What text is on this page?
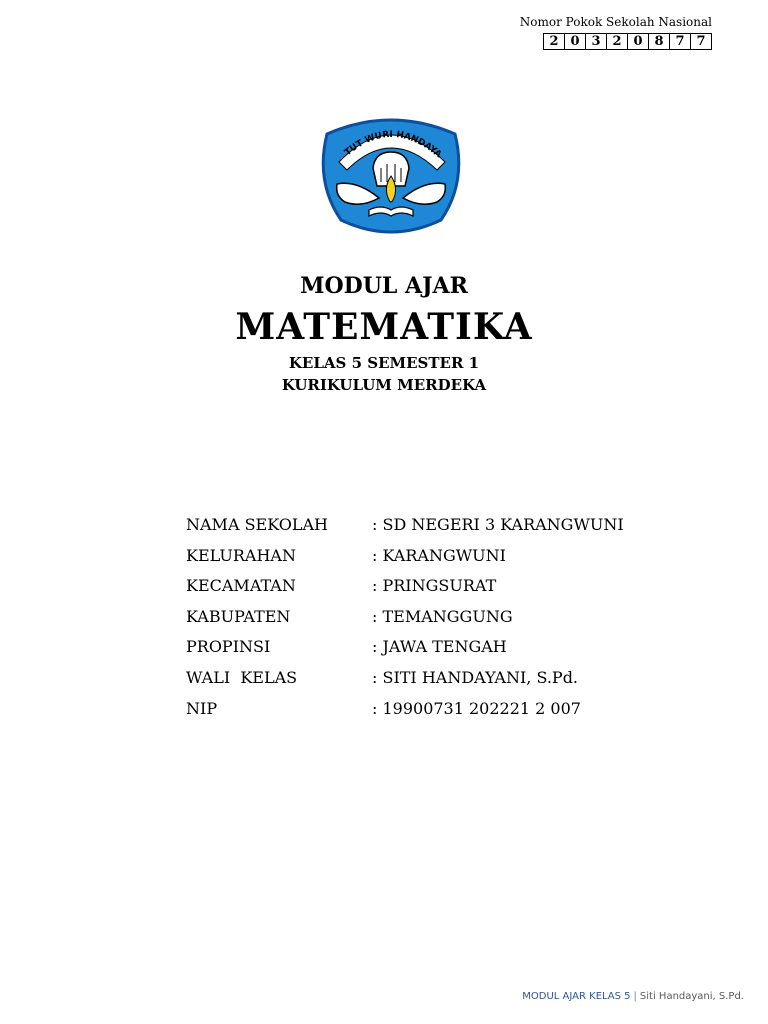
Nomor Pokok Sekolah Nasional
2 0 3 2 0 8 7 7
TUT WURI HANDAYA
MODUL AJAR
MATEMATIKA
KELAS 5 SEMESTER 1
KURIKULUM MERDEKA
NAMA SEKOLAH	: SD NEGERI 3 KARANGWUNI
KELURAHAN	: KARANGWUNI
KECAMATAN	: PRINGSURAT
KABUPATEN	: TEMANGGUNG
PROPINSI	: JAWA TENGAH
WALI  KELAS	: SITI HANDAYANI, S.Pd.
NIP	: 19900731 202221 2 007
MODUL AJAR KELAS 5 | Siti Handayani, S.Pd.
